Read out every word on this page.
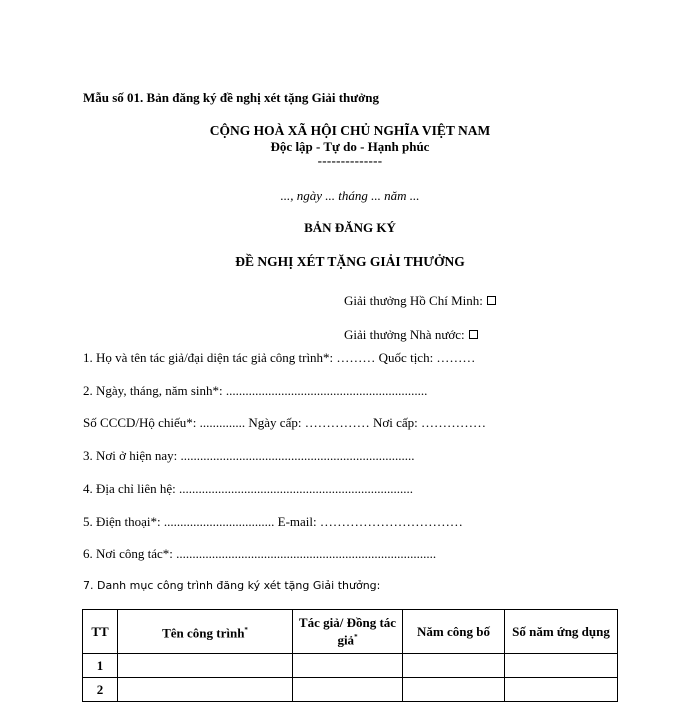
Mẫu số 01. Bản đăng ký đề nghị xét tặng Giải thưởng
CỘNG HOÀ XÃ HỘI CHỦ NGHĨA VIỆT NAM
Độc lập - Tự do - Hạnh phúc
--------------
..., ngày ... tháng ... năm ...
BẢN ĐĂNG KÝ
ĐỀ NGHỊ XÉT TẶNG GIẢI THƯỞNG
Giải thưởng Hồ Chí Minh:
Giải thưởng Nhà nước:
1. Họ và tên tác giả/đại diện tác giả công trình*: ……… Quốc tịch: ………
2. Ngày, tháng, năm sinh*: ..............................................................
Số CCCD/Hộ chiếu*: .............. Ngày cấp: …………… Nơi cấp: ……………
3. Nơi ở hiện nay: ........................................................................
4. Địa chỉ liên hệ: ........................................................................
5. Điện thoại*: .................................. E-mail: ……………………………
6. Nơi công tác*: ................................................................................
7. Danh mục công trình đăng ký xét tặng Giải thưởng:
TT	Tên công trình*	Tác giả/ Đồng tác
giả*	Năm công bố	Số năm ứng dụng
1				
2				
